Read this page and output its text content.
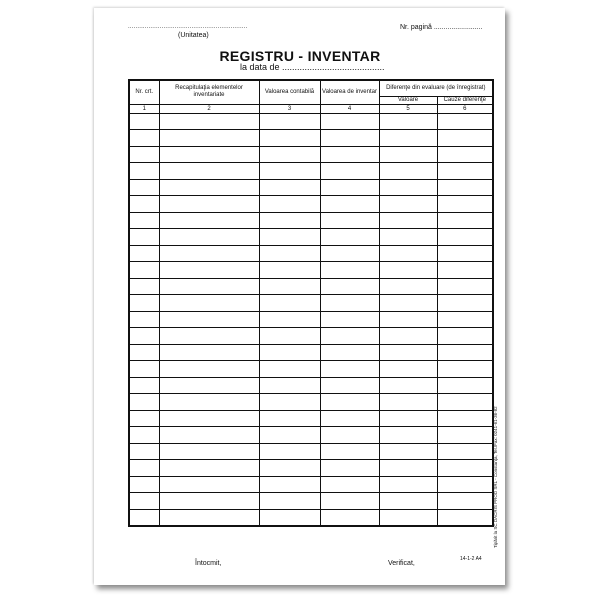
................................................................
(Unitatea)
Nr. pagină .........................
REGISTRU - INVENTAR
la data de .........................................
Nr. crt.	Recapitulaţia elementelor inventariate	Valoarea contabilă	Valoarea de inventar	Diferenţe din evaluare (de înregistrat)	
				Valoare	Cauze diferenţe
1	2	3	4	5	6

Tipărit la SC DACRIS PROD SRL - Constanţa, Tel./Fax: 0241-61-36-82
14-1-2 A4
Întocmit,	Verificat,
